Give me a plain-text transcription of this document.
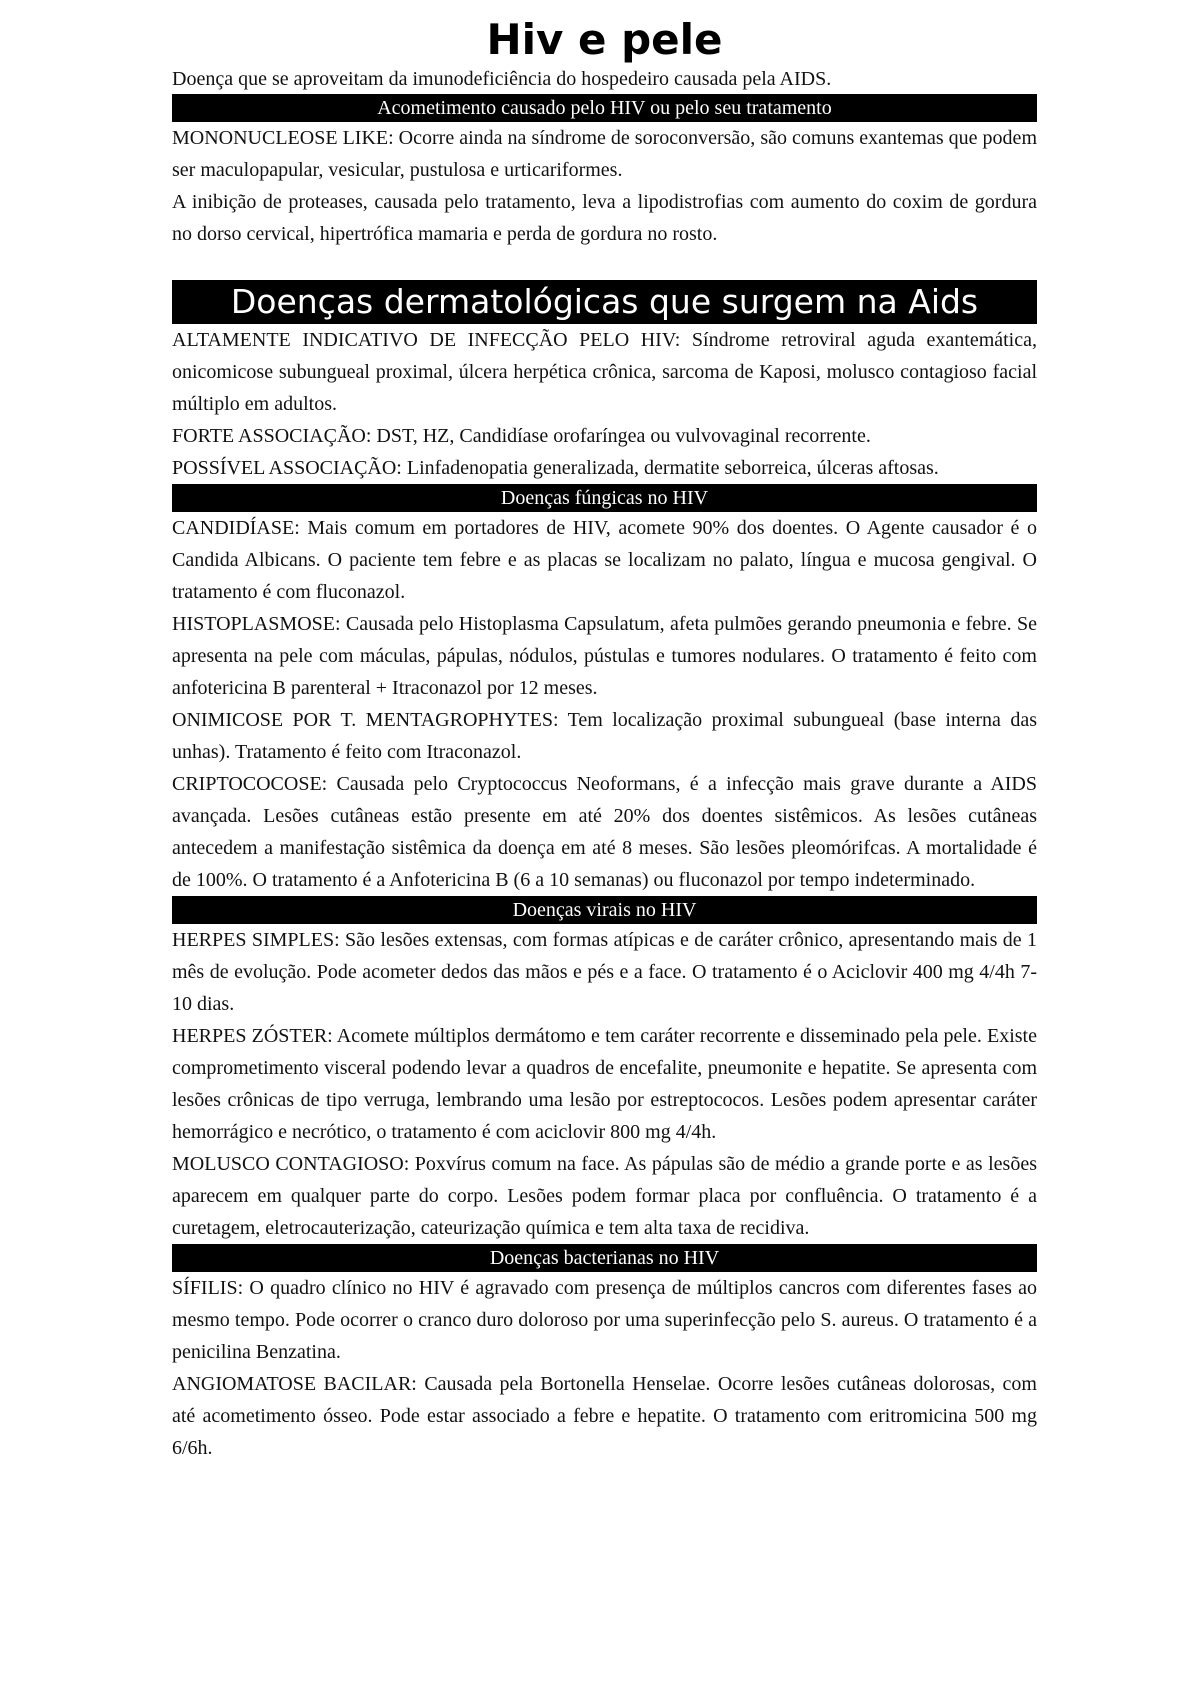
Hiv e pele

Doença que se aproveitam da imunodeficiência do hospedeiro causada pela AIDS.

Acometimento causado pelo HIV ou pelo seu tratamento

MONONUCLEOSE LIKE: Ocorre ainda na síndrome de soroconversão, são comuns exantemas que podem ser maculopapular, vesicular, pustulosa e urticariformes.

A inibição de proteases, causada pelo tratamento, leva a lipodistrofias com aumento do coxim de gordura no dorso cervical, hipertrófica mamaria e perda de gordura no rosto.

Doenças dermatológicas que surgem na Aids

ALTAMENTE INDICATIVO DE INFECÇÃO PELO HIV: Síndrome retroviral aguda exantemática, onicomicose subungueal proximal, úlcera herpética crônica, sarcoma de Kaposi, molusco contagioso facial múltiplo em adultos.

FORTE ASSOCIAÇÃO: DST, HZ, Candidíase orofaríngea ou vulvovaginal recorrente.

POSSÍVEL ASSOCIAÇÃO: Linfadenopatia generalizada, dermatite seborreica, úlceras aftosas.

Doenças fúngicas no HIV

CANDIDÍASE: Mais comum em portadores de HIV, acomete 90% dos doentes. O Agente causador é o Candida Albicans. O paciente tem febre e as placas se localizam no palato, língua e mucosa gengival. O tratamento é com fluconazol.

HISTOPLASMOSE: Causada pelo Histoplasma Capsulatum, afeta pulmões gerando pneumonia e febre. Se apresenta na pele com máculas, pápulas, nódulos, pústulas e tumores nodulares. O tratamento é feito com anfotericina B parenteral + Itraconazol por 12 meses.

ONIMICOSE POR T. MENTAGROPHYTES: Tem localização proximal subungueal (base interna das unhas). Tratamento é feito com Itraconazol.

CRIPTOCOCOSE: Causada pelo Cryptococcus Neoformans, é a infecção mais grave durante a AIDS avançada. Lesões cutâneas estão presente em até 20% dos doentes sistêmicos. As lesões cutâneas antecedem a manifestação sistêmica da doença em até 8 meses. São lesões pleomórifcas. A mortalidade é de 100%. O tratamento é a Anfotericina B (6 a 10 semanas) ou fluconazol por tempo indeterminado.

Doenças virais no HIV

HERPES SIMPLES: São lesões extensas, com formas atípicas e de caráter crônico, apresentando mais de 1 mês de evolução. Pode acometer dedos das mãos e pés e a face. O tratamento é o Aciclovir 400 mg 4/4h 7-10 dias.

HERPES ZÓSTER: Acomete múltiplos dermátomo e tem caráter recorrente e disseminado pela pele. Existe comprometimento visceral podendo levar a quadros de encefalite, pneumonite e hepatite. Se apresenta com lesões crônicas de tipo verruga, lembrando uma lesão por estreptococos. Lesões podem apresentar caráter hemorrágico e necrótico, o tratamento é com aciclovir 800 mg 4/4h.

MOLUSCO CONTAGIOSO: Poxvírus comum na face. As pápulas são de médio a grande porte e as lesões aparecem em qualquer parte do corpo. Lesões podem formar placa por confluência. O tratamento é a curetagem, eletrocauterização, cateurização química e tem alta taxa de recidiva.

Doenças bacterianas no HIV

SÍFILIS: O quadro clínico no HIV é agravado com presença de múltiplos cancros com diferentes fases ao mesmo tempo. Pode ocorrer o cranco duro doloroso por uma superinfecção pelo S. aureus. O tratamento é a penicilina Benzatina.

ANGIOMATOSE BACILAR: Causada pela Bortonella Henselae. Ocorre lesões cutâneas dolorosas, com até acometimento ósseo. Pode estar associado a febre e hepatite. O tratamento com eritromicina 500 mg 6/6h.
